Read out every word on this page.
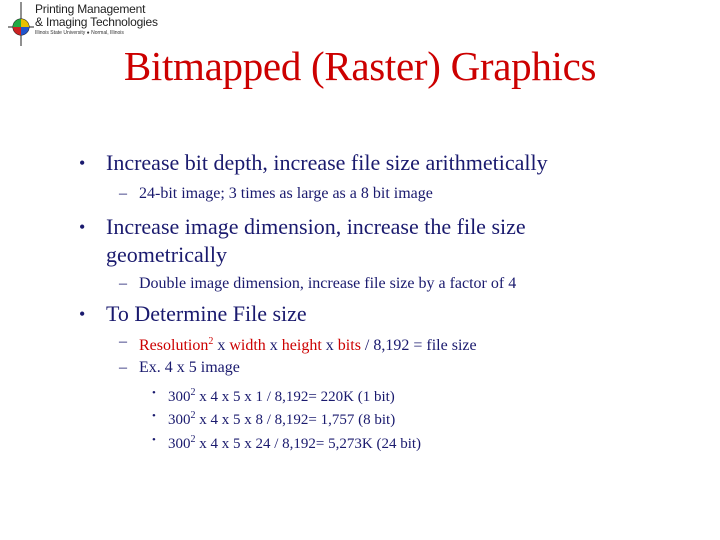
Printing Management
& Imaging Technologies
Illinois State University ● Normal, Illinois
Bitmapped (Raster) Graphics
• Increase bit depth, increase file size arithmetically
– 24-bit image; 3 times as large as a 8 bit image
• Increase image dimension, increase the file size
geometrically
– Double image dimension, increase file size by a factor of 4
• To Determine File size
– Resolution$^2$ x width x height x bits / 8,192 = file size
– Ex. 4 x 5 image
• $300^2$ x 4 x 5 x 1 / 8,192= 220K (1 bit)
• $300^2$ x 4 x 5 x 8 / 8,192= 1,757 (8 bit)
• $300^2$ x 4 x 5 x 24 / 8,192= 5,273K (24 bit)
